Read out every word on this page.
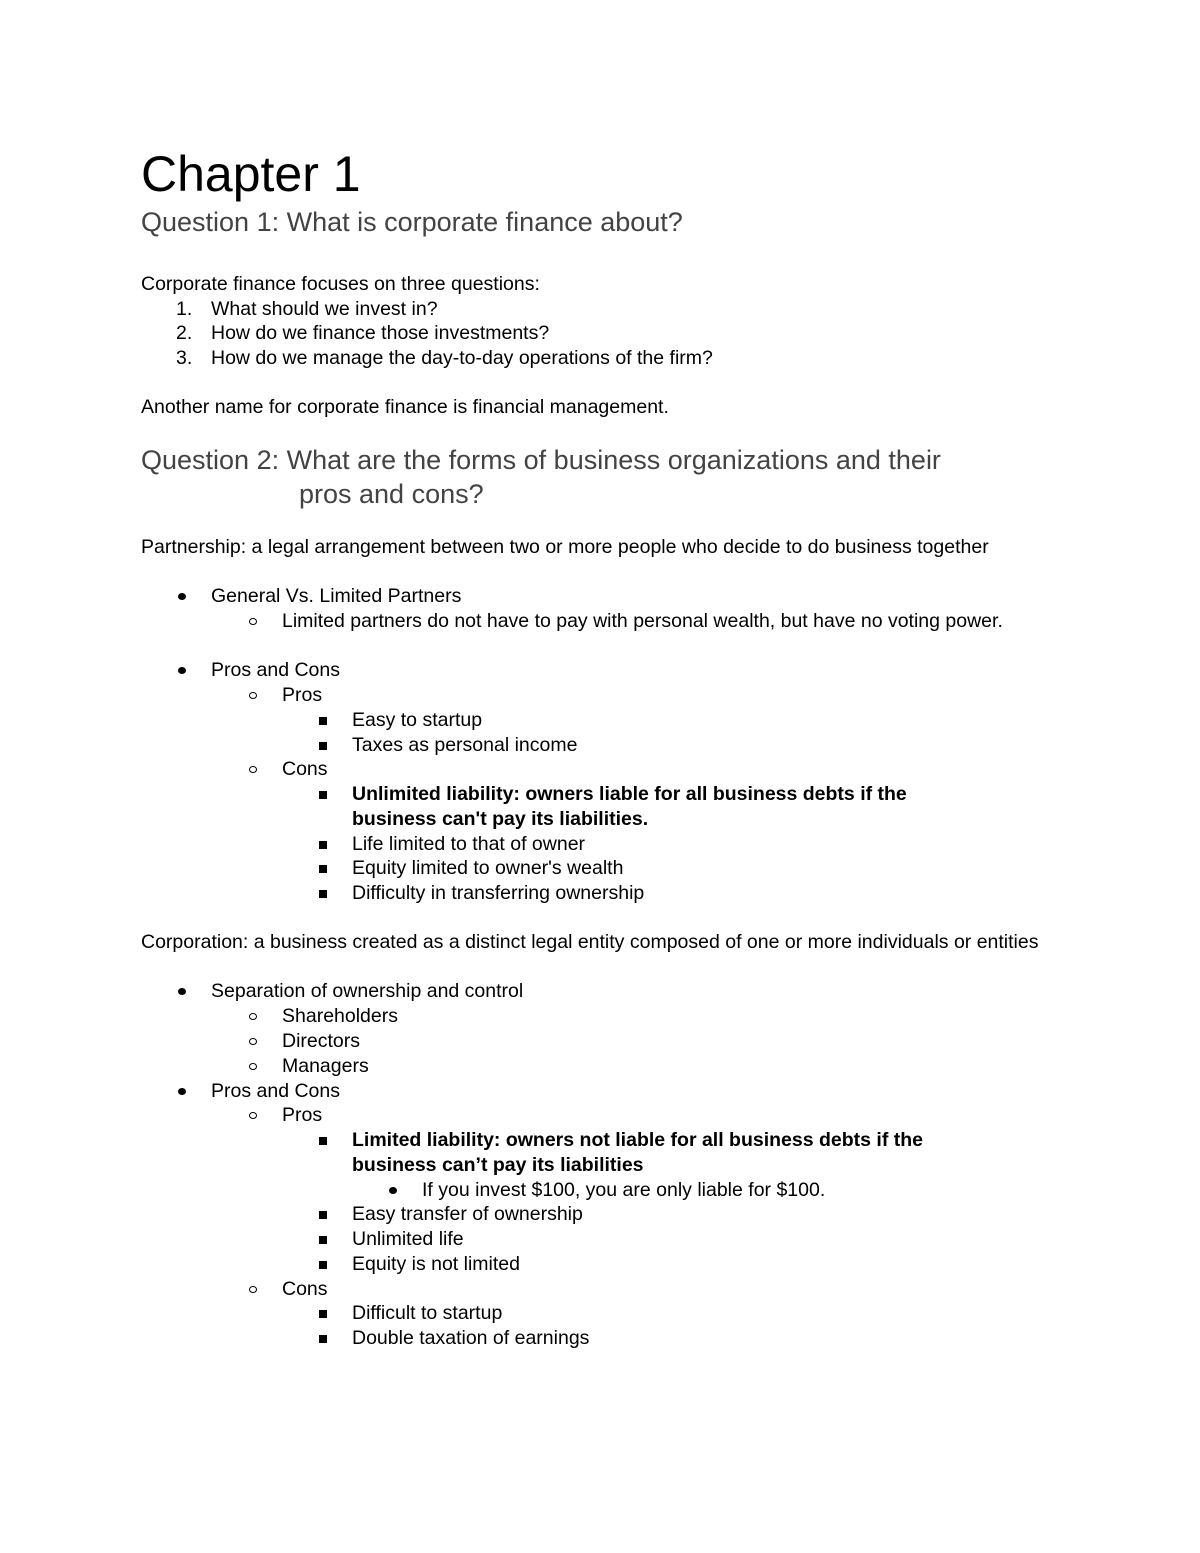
Chapter 1
Question 1: What is corporate finance about?
Corporate finance focuses on three questions:
1. What should we invest in?
2. How do we finance those investments?
3. How do we manage the day-to-day operations of the firm?
Another name for corporate finance is financial management.
Question 2: What are the forms of business organizations and their
pros and cons?
Partnership: a legal arrangement between two or more people who decide to do business together
General Vs. Limited Partners
Limited partners do not have to pay with personal wealth, but have no voting power.
Pros and Cons
Pros
Easy to startup
Taxes as personal income
Cons
Unlimited liability: owners liable for all business debts if the business can't pay its liabilities.
Life limited to that of owner
Equity limited to owner's wealth
Difficulty in transferring ownership
Corporation: a business created as a distinct legal entity composed of one or more individuals or entities
Separation of ownership and control
Shareholders
Directors
Managers
Pros and Cons
Pros
Limited liability: owners not liable for all business debts if the business can’t pay its liabilities
If you invest $100, you are only liable for $100.
Easy transfer of ownership
Unlimited life
Equity is not limited
Cons
Difficult to startup
Double taxation of earnings
